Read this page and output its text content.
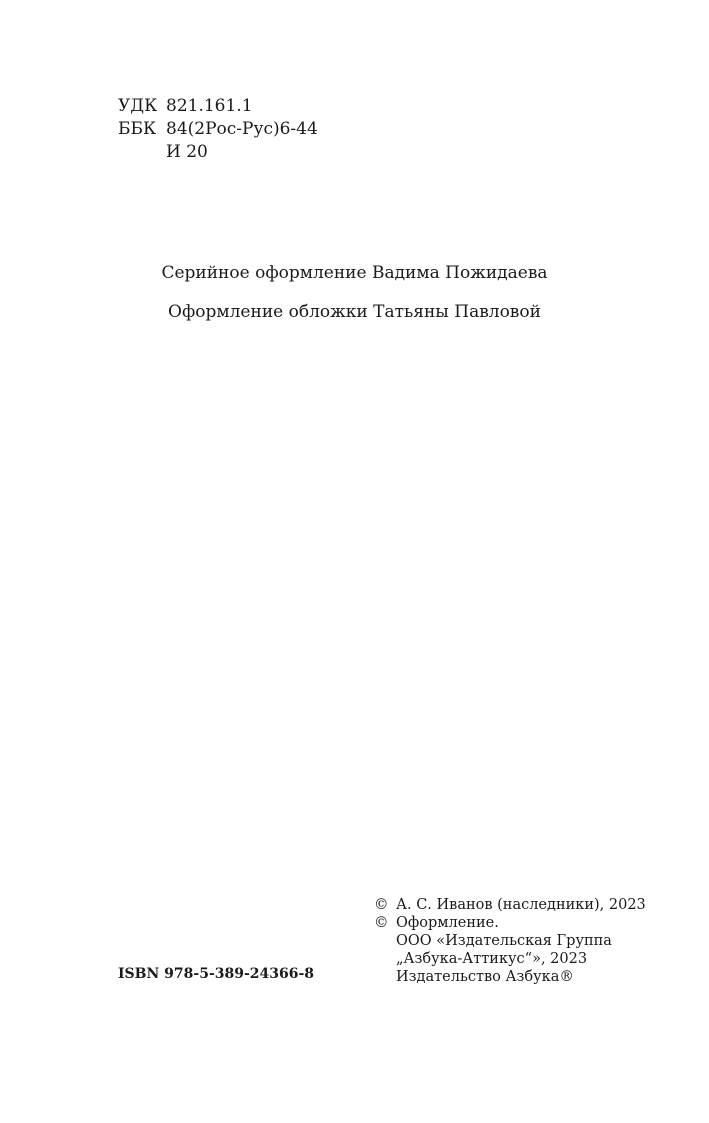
УДК 821.161.1
ББК 84(2Рос-Рус)6-44
И 20
Серийное оформление Вадима Пожидаева
Оформление обложки Татьяны Павловой
© А. С. Иванов (наследники), 2023
© Оформление.
ООО «Издательская Группа
„Азбука-Аттикус“», 2023
Издательство Азбука®
ISBN 978-5-389-24366-8
